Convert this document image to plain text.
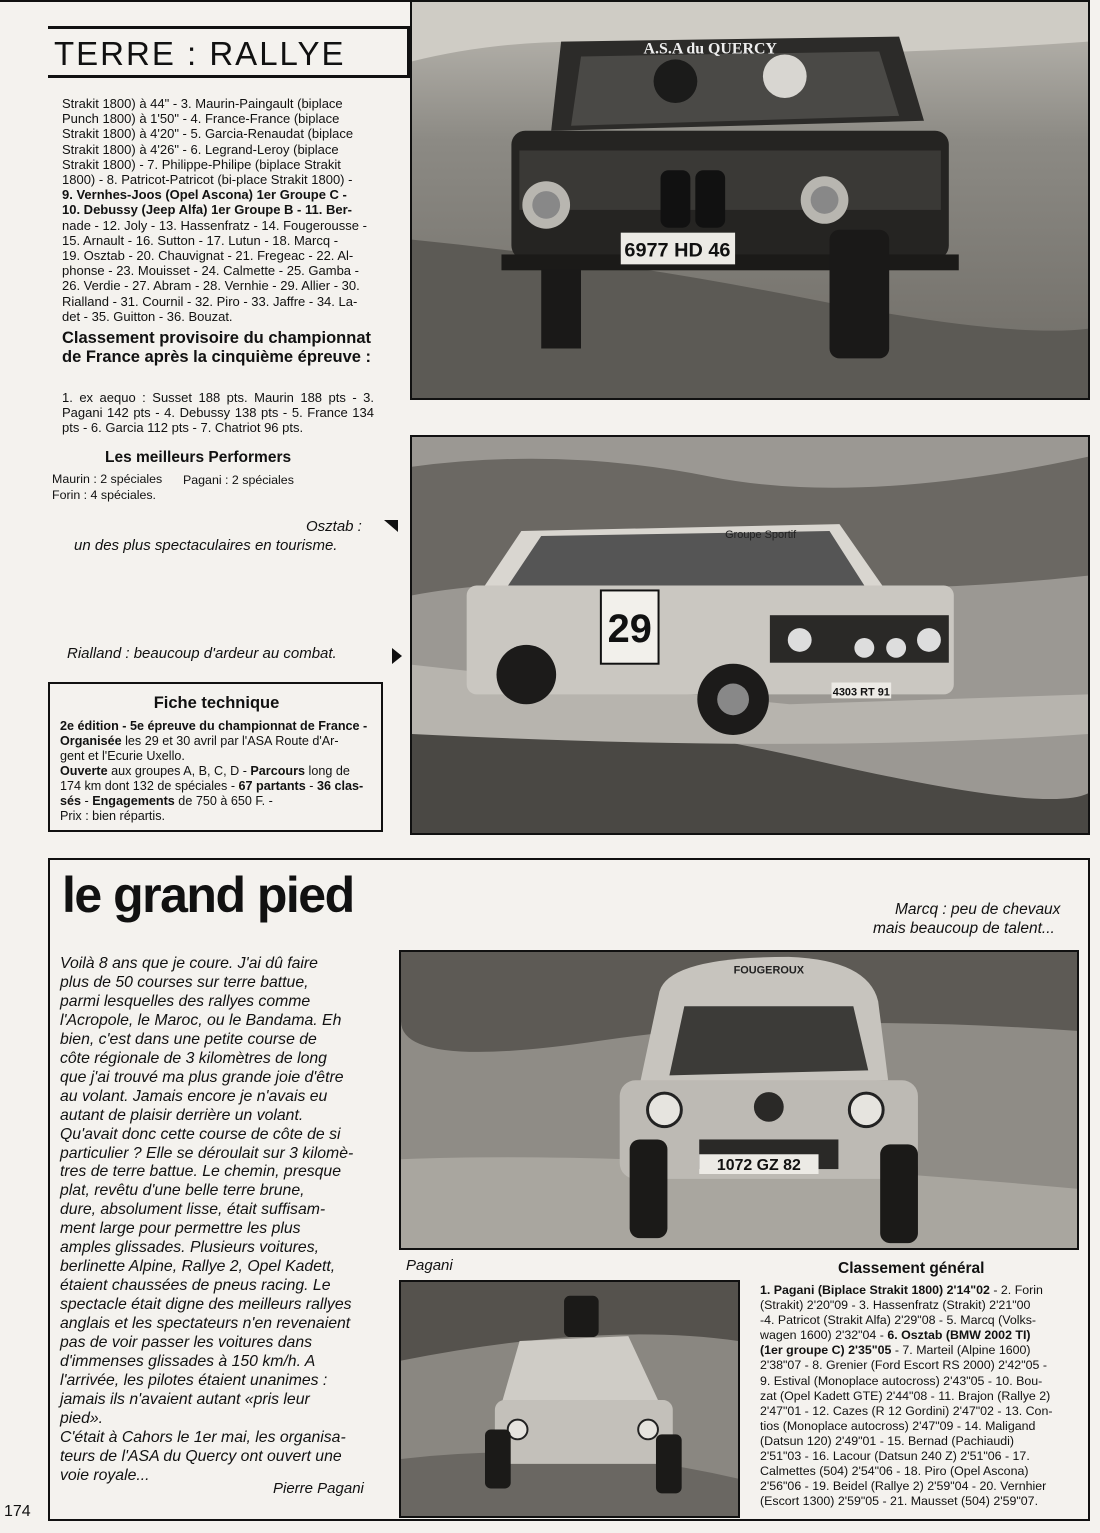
TERRE : RALLYE
Strakit 1800) à 44" - 3. Maurin-Paingault (biplace
Punch 1800) à 1'50" - 4. France-France (biplace
Strakit 1800) à 4'20" - 5. Garcia-Renaudat (biplace
Strakit 1800) à 4'26" - 6. Legrand-Leroy (biplace
Strakit 1800) - 7. Philippe-Philipe (biplace Strakit
1800) - 8. Patricot-Patricot (bi-place Strakit 1800) -
9. Vernhes-Joos (Opel Ascona) 1er Groupe C -
10. Debussy (Jeep Alfa) 1er Groupe B - 11. Ber-
nade - 12. Joly - 13. Hassenfratz - 14. Fougerousse -
15. Arnault - 16. Sutton - 17. Lutun - 18. Marcq -
19. Osztab - 20. Chauvignat - 21. Fregeac - 22. Al-
phonse - 23. Mouisset - 24. Calmette - 25. Gamba -
26. Verdie - 27. Abram - 28. Vernhie - 29. Allier - 30.
Rialland - 31. Cournil - 32. Piro - 33. Jaffre - 34. La-
det - 35. Guitton - 36. Bouzat.
Classement provisoire du championnat de France après la cinquième épreuve :
1. ex aequo : Susset 188 pts. Maurin 188 pts - 3. Pagani 142 pts - 4. Debussy 138 pts - 5. France 134 pts - 6. Garcia 112 pts - 7. Chatriot 96 pts.
Les meilleurs Performers
Maurin : 2 spéciales Pagani : 2 spéciales
Forin : 4 spéciales.
Osztab :
un des plus spectaculaires en tourisme.
Rialland : beaucoup d'ardeur au combat.
6977 HD 46
A.S.A du QUERCY
29
Groupe Sportif
4303 RT 91
Fiche technique
2e édition - 5e épreuve du championnat de France -
Organisée les 29 et 30 avril par l'ASA Route d'Ar-
gent et l'Ecurie Uxello.
Ouverte aux groupes A, B, C, D - Parcours long de
174 km dont 132 de spéciales - 67 partants - 36 clas-
sés - Engagements de 750 à 650 F. -
Prix : bien répartis.
le grand pied	Marcq : peu de chevaux
mais beaucoup de talent...
Voilà 8 ans que je coure. J'ai dû faire
plus de 50 courses sur terre battue,
parmi lesquelles des rallyes comme
l'Acropole, le Maroc, ou le Bandama. Eh
bien, c'est dans une petite course de
côte régionale de 3 kilomètres de long
que j'ai trouvé ma plus grande joie d'être
au volant. Jamais encore je n'avais eu
autant de plaisir derrière un volant.
Qu'avait donc cette course de côte de si
particulier ? Elle se déroulait sur 3 kilomè-
tres de terre battue. Le chemin, presque
plat, revêtu d'une belle terre brune,
dure, absolument lisse, était suffisam-
ment large pour permettre les plus
amples glissades. Plusieurs voitures,
berlinette Alpine, Rallye 2, Opel Kadett,
étaient chaussées de pneus racing. Le
spectacle était digne des meilleurs rallyes
anglais et les spectateurs n'en revenaient
pas de voir passer les voitures dans
d'immenses glissades à 150 km/h. A
l'arrivée, les pilotes étaient unanimes :
jamais ils n'avaient autant «pris leur
pied».
C'était à Cahors le 1er mai, les organisa-
teurs de l'ASA du Quercy ont ouvert une
voie royale...
Pierre Pagani
FOUGEROUX
1072 GZ 82
Pagani	Classement général
1. Pagani (Biplace Strakit 1800) 2'14"02 - 2. Forin
(Strakit) 2'20"09 - 3. Hassenfratz (Strakit) 2'21"00
-4. Patricot (Strakit Alfa) 2'29"08 - 5. Marcq (Volks-
wagen 1600) 2'32"04 - 6. Osztab (BMW 2002 TI)
(1er groupe C) 2'35"05 - 7. Marteil (Alpine 1600)
2'38"07 - 8. Grenier (Ford Escort RS 2000) 2'42"05 -
9. Estival (Monoplace autocross) 2'43"05 - 10. Bou-
zat (Opel Kadett GTE) 2'44"08 - 11. Brajon (Rallye 2)
2'47"01 - 12. Cazes (R 12 Gordini) 2'47"02 - 13. Con-
tios (Monoplace autocross) 2'47"09 - 14. Maligand
(Datsun 120) 2'49"01 - 15. Bernad (Pachiaudi)
2'51"03 - 16. Lacour (Datsun 240 Z) 2'51"06 - 17.
Calmettes (504) 2'54"06 - 18. Piro (Opel Ascona)
2'56"06 - 19. Beidel (Rallye 2) 2'59"04 - 20. Vernhier
(Escort 1300) 2'59"05 - 21. Mausset (504) 2'59"07.
174
